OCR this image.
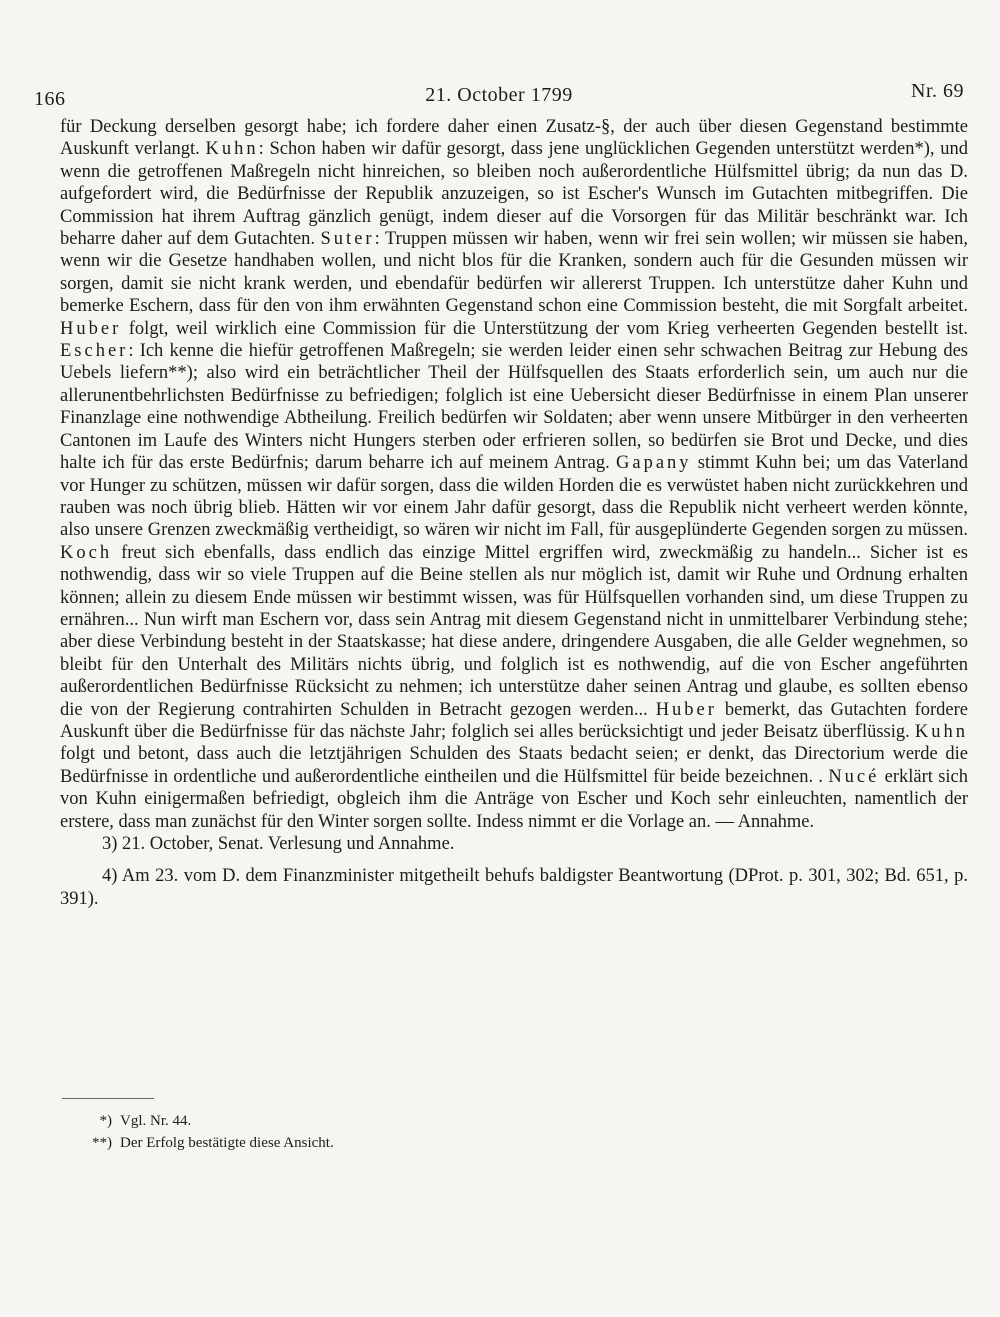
166	21. October 1799	Nr. 69

für Deckung derselben gesorgt habe; ich fordere daher einen Zusatz-§, der auch über diesen Gegenstand bestimmte Auskunft verlangt. Kuhn: Schon haben wir dafür gesorgt, dass jene unglücklichen Gegenden unterstützt werden*), und wenn die getroffenen Maßregeln nicht hinreichen, so bleiben noch außerordentliche Hülfsmittel übrig; da nun das D. aufgefordert wird, die Bedürfnisse der Republik anzuzeigen, so ist Escher's Wunsch im Gutachten mitbegriffen. Die Commission hat ihrem Auftrag gänzlich genügt, indem dieser auf die Vorsorgen für das Militär beschränkt war. Ich beharre daher auf dem Gutachten. Suter: Truppen müssen wir haben, wenn wir frei sein wollen; wir müssen sie haben, wenn wir die Gesetze handhaben wollen, und nicht blos für die Kranken, sondern auch für die Gesunden müssen wir sorgen, damit sie nicht krank werden, und ebendafür bedürfen wir allererst Truppen. Ich unterstütze daher Kuhn und bemerke Eschern, dass für den von ihm erwähnten Gegenstand schon eine Commission besteht, die mit Sorgfalt arbeitet. Huber folgt, weil wirklich eine Commission für die Unterstützung der vom Krieg verheerten Gegenden bestellt ist. Escher: Ich kenne die hiefür getroffenen Maßregeln; sie werden leider einen sehr schwachen Beitrag zur Hebung des Uebels liefern**); also wird ein beträchtlicher Theil der Hülfsquellen des Staats erforderlich sein, um auch nur die allerunentbehrlichsten Bedürfnisse zu befriedigen; folglich ist eine Uebersicht dieser Bedürfnisse in einem Plan unserer Finanzlage eine nothwendige Abtheilung. Freilich bedürfen wir Soldaten; aber wenn unsere Mitbürger in den verheerten Cantonen im Laufe des Winters nicht Hungers sterben oder erfrieren sollen, so bedürfen sie Brot und Decke, und dies halte ich für das erste Bedürfnis; darum beharre ich auf meinem Antrag. Gapany stimmt Kuhn bei; um das Vaterland vor Hunger zu schützen, müssen wir dafür sorgen, dass die wilden Horden die es verwüstet haben nicht zurückkehren und rauben was noch übrig blieb. Hätten wir vor einem Jahr dafür gesorgt, dass die Republik nicht verheert werden könnte, also unsere Grenzen zweckmäßig vertheidigt, so wären wir nicht im Fall, für ausgeplünderte Gegenden sorgen zu müssen. Koch freut sich ebenfalls, dass endlich das einzige Mittel ergriffen wird, zweckmäßig zu handeln... Sicher ist es nothwendig, dass wir so viele Truppen auf die Beine stellen als nur möglich ist, damit wir Ruhe und Ordnung erhalten können; allein zu diesem Ende müssen wir bestimmt wissen, was für Hülfsquellen vorhanden sind, um diese Truppen zu ernähren... Nun wirft man Eschern vor, dass sein Antrag mit diesem Gegenstand nicht in unmittelbarer Verbindung stehe; aber diese Verbindung besteht in der Staatskasse; hat diese andere, dringendere Ausgaben, die alle Gelder wegnehmen, so bleibt für den Unterhalt des Militärs nichts übrig, und folglich ist es nothwendig, auf die von Escher angeführten außerordentlichen Bedürfnisse Rücksicht zu nehmen; ich unterstütze daher seinen Antrag und glaube, es sollten ebenso die von der Regierung contrahirten Schulden in Betracht gezogen werden... Huber bemerkt, das Gutachten fordere Auskunft über die Bedürfnisse für das nächste Jahr; folglich sei alles berücksichtigt und jeder Beisatz überflüssig. Kuhn folgt und betont, dass auch die letztjährigen Schulden des Staats bedacht seien; er denkt, das Directorium werde die Bedürfnisse in ordentliche und außerordentliche eintheilen und die Hülfsmittel für beide bezeichnen. . Nucé erklärt sich von Kuhn einigermaßen befriedigt, obgleich ihm die Anträge von Escher und Koch sehr einleuchten, namentlich der erstere, dass man zunächst für den Winter sorgen sollte. Indess nimmt er die Vorlage an. — Annahme.

3) 21. October, Senat. Verlesung und Annahme.

4) Am 23. vom D. dem Finanzminister mitgetheilt behufs baldigster Beantwortung (DProt. p. 301, 302; Bd. 651, p. 391).

*) Vgl. Nr. 44.
**) Der Erfolg bestätigte diese Ansicht.
